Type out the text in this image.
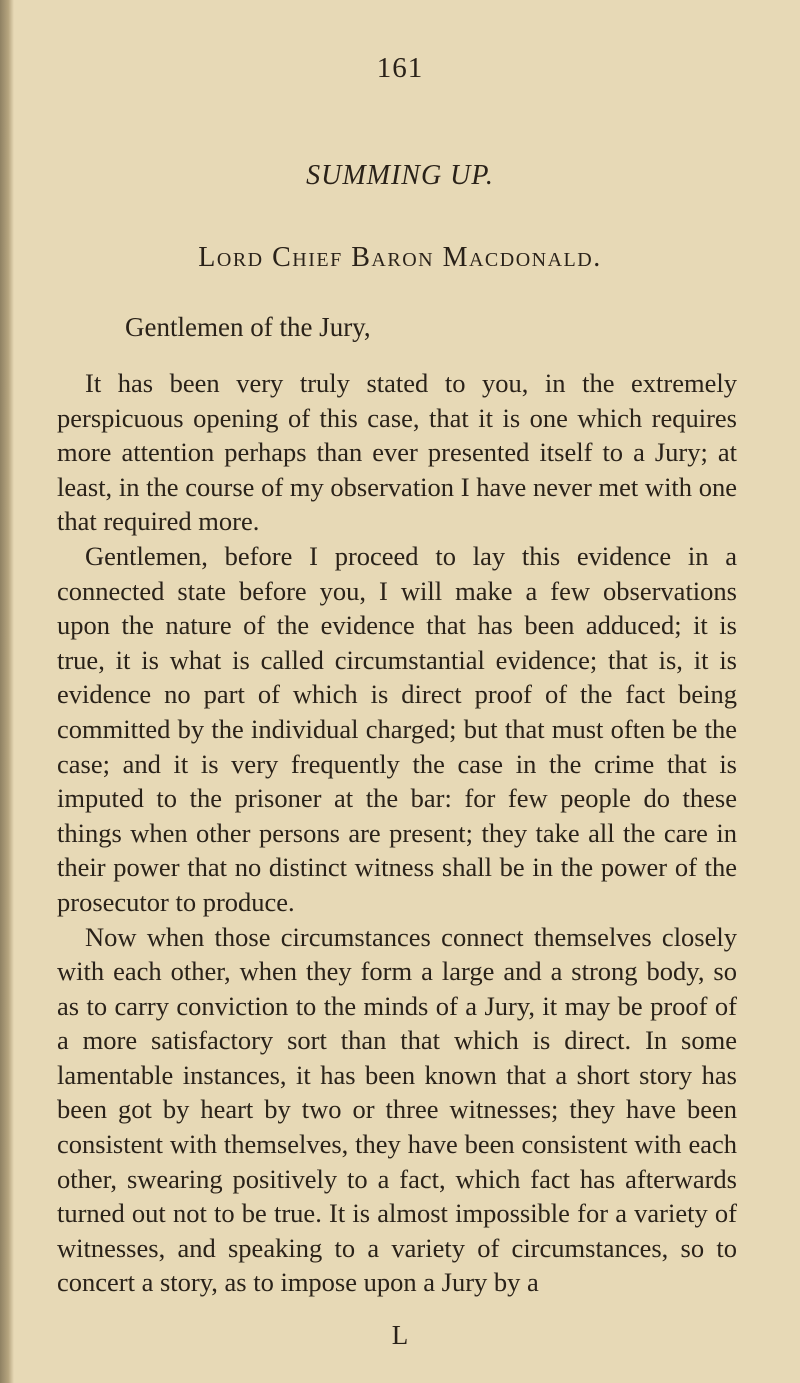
161
SUMMING UP.
Lord Chief Baron Macdonald.
Gentlemen of the Jury,

It has been very truly stated to you, in the extremely perspicuous opening of this case, that it is one which requires more attention perhaps than ever presented itself to a Jury; at least, in the course of my observation I have never met with one that required more.

Gentlemen, before I proceed to lay this evidence in a connected state before you, I will make a few observations upon the nature of the evidence that has been adduced; it is true, it is what is called circumstantial evidence; that is, it is evidence no part of which is direct proof of the fact being committed by the individual charged; but that must often be the case; and it is very frequently the case in the crime that is imputed to the prisoner at the bar: for few people do these things when other persons are present; they take all the care in their power that no distinct witness shall be in the power of the prosecutor to produce.

Now when those circumstances connect themselves closely with each other, when they form a large and a strong body, so as to carry conviction to the minds of a Jury, it may be proof of a more satisfactory sort than that which is direct. In some lamentable instances, it has been known that a short story has been got by heart by two or three witnesses; they have been consistent with themselves, they have been consistent with each other, swearing positively to a fact, which fact has afterwards turned out not to be true. It is almost impossible for a variety of witnesses, and speaking to a variety of circumstances, so to concert a story, as to impose upon a Jury by a

L
